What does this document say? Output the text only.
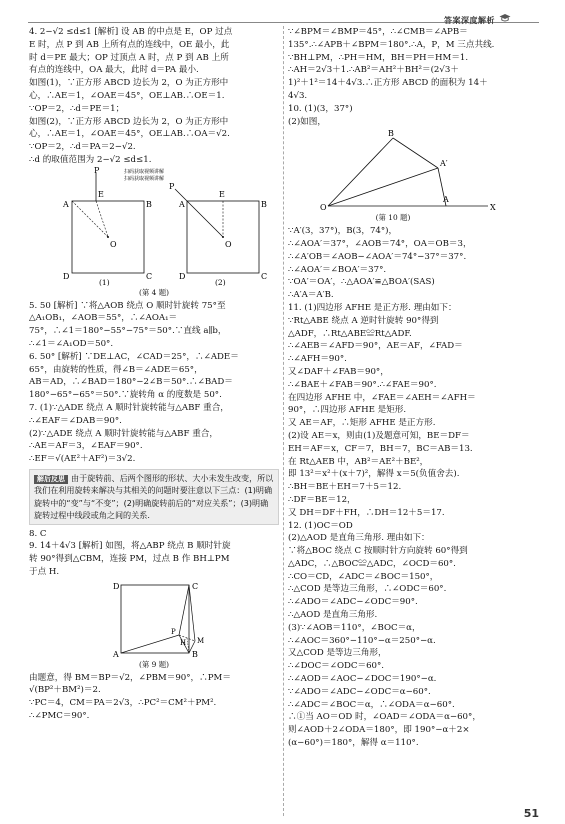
答案深度解析
4. 2−√2 ≤d≤1 [解析] 设 AB 的中点是 E，OP 过点
E 时，点 P 到 AB 上所有点的连线中，OE 最小，此
时 d＝PE 最大；OP 过顶点 A 时，点 P 到 AB 上所
有点的连线中，OA 最大，此时 d＝PA 最小.
如图(1)，∵正方形 ABCD 边长为 2，O 为正方形中
心，∴AE＝1，∠OAE＝45°，OE⊥AB.∴OE＝1.
∵OP＝2，∴d＝PE＝1；
如图(2)，∵正方形 ABCD 边长为 2，O 为正方形中
心，∴AE＝1，∠OAE＝45°，OE⊥AB.∴OA＝√2.
∵OP＝2，∴d＝PA＝2−√2.
∴d 的取值范围为 2−√2 ≤d≤1.
P
E
A	B
O
C
D
(1)
P
E
A	B
O
C
D
(2)
扫码获取视频讲解
扫码获取视频讲解
(第 4 题)
5. 50 [解析] ∵将△AOB 绕点 O 顺时针旋转 75°至
△A₁OB₁，∠AOB＝55°，∴∠AOA₁＝
75°，∴∠1＝180°−55°−75°＝50°.∵直线 a∥b，
∴∠1＝∠A₁OD＝50°.
6. 50° [解析] ∵DE⊥AC，∠CAD＝25°，∴∠ADE＝
65°，由旋转的性质，得∠B＝∠ADE＝65°，
AB＝AD，∴∠BAD＝180°−2∠B＝50°.∴∠BAD＝
180°−65°−65°＝50°.∵旋转角 α 的度数是 50°.
7. (1)∵△ADE 绕点 A 顺时针旋转能与△ABF 重合，
∴∠EAF＝∠DAB＝90°.
(2)∵△ADE 绕点 A 顺时针旋转能与△ABF 重合，
∴AE＝AF＝3，∠EAF＝90°.
∴EF＝√(AE²＋AF²)＝3√2.
解后反思 由于旋转前、后两个图形的形状、大小未发生改变，所以我们在利用旋转来解决与其相关的问题时要注意以下三点：(1)明确旋转中的“变”与“不变”；(2)明确旋转前后的“对应关系”；(3)明确旋转过程中线段或角之间的关系.
8. C
9. 14＋4√3 [解析] 如图，将△ABP 绕点 B 顺时针旋
转 90°得到△CBM，连接 PM，过点 B 作 BH⊥PM
于点 H.
D	C
A	B
P
H M
(第 9 题)
由题意，得 BM＝BP＝√2，∠PBM＝90°，∴PM＝
√(BP²＋BM²)＝2.
∵PC＝4，CM＝PA＝2√3，∴PC²＝CM²＋PM².
∴∠PMC＝90°.
∵∠BPM＝∠BMP＝45°，∴∠CMB＝∠APB＝
135°.∴∠APB＋∠BPM＝180°.∴A，P，M 三点共线.
∵BH⊥PM，∴PH＝HM，BH＝PH＝HM＝1.
∴AH＝2√3＋1.∴AB²＝AH²＋BH²＝(2√3＋
1)²＋1²＝14＋4√3.∴正方形 ABCD 的面积为 14＋
4√3.
10. (1)(3，37°)
(2)如图，
B
A′
O
A
X
(第 10 题)
∵A′(3，37°)，B(3，74°)，
∴∠AOA′＝37°，∠AOB＝74°，OA＝OB＝3，
∴∠A′OB＝∠AOB−∠AOA′＝74°−37°＝37°.
∴∠AOA′＝∠BOA′＝37°.
∵OA′＝OA′，∴△AOA′≌△BOA′(SAS)
∴A′A＝A′B.
11. (1)四边形 AFHE 是正方形. 理由如下：
∵Rt△ABE 绕点 A 逆时针旋转 90°得到
△ADF，∴Rt△ABE≌Rt△ADF.
∴∠AEB＝∠AFD＝90°，AE＝AF，∠FAD＝
∴∠AFH＝90°.
又∠DAF＋∠FAB＝90°，
∴∠BAE＋∠FAB＝90°.∴∠FAE＝90°.
在四边形 AFHE 中，∠FAE＝∠AEH＝∠AFH＝
90°，∴四边形 AFHE 是矩形.
又 AE＝AF，∴矩形 AFHE 是正方形.
(2)设 AE＝x，则由(1)及题意可知，BE＝DF＝
EH＝AF＝x，CF＝7，BH＝7，BC＝AB＝13.
在 Rt△AEB 中，AB²＝AE²＋BE²，
即 13²＝x²＋(x＋7)²，解得 x＝5(负值舍去).
∴BH＝BE＋EH＝7＋5＝12.
∴DF＝BE＝12，
又 DH＝DF＋FH，∴DH＝12＋5＝17.
12. (1)OC＝OD
(2)△AOD 是直角三角形. 理由如下：
∵将△BOC 绕点 C 按顺时针方向旋转 60°得到
△ADC，∴△BOC≌△ADC，∠OCD＝60°.
∴CO＝CD，∠ADC＝∠BOC＝150°，
∴△COD 是等边三角形，∴∠ODC＝60°.
∴∠ADO＝∠ADC−∠ODC＝90°.
∴△AOD 是直角三角形.
(3)∵∠AOB＝110°，∠BOC＝α，
∴∠AOC＝360°−110°−α＝250°−α.
又△COD 是等边三角形，
∴∠DOC＝∠ODC＝60°.
∴∠AOD＝∠AOC−∠DOC＝190°−α.
∵∠ADO＝∠ADC−∠ODC＝α−60°.
∴∠ADC＝∠BOC＝α，∴∠ODA＝α−60°.
∴①当 AO＝OD 时，∠OAD＝∠ODA＝α−60°，
则∠AOD＋2∠ODA＝180°，即 190°−α＋2×
(α−60°)＝180°，解得 α＝110°.
51
